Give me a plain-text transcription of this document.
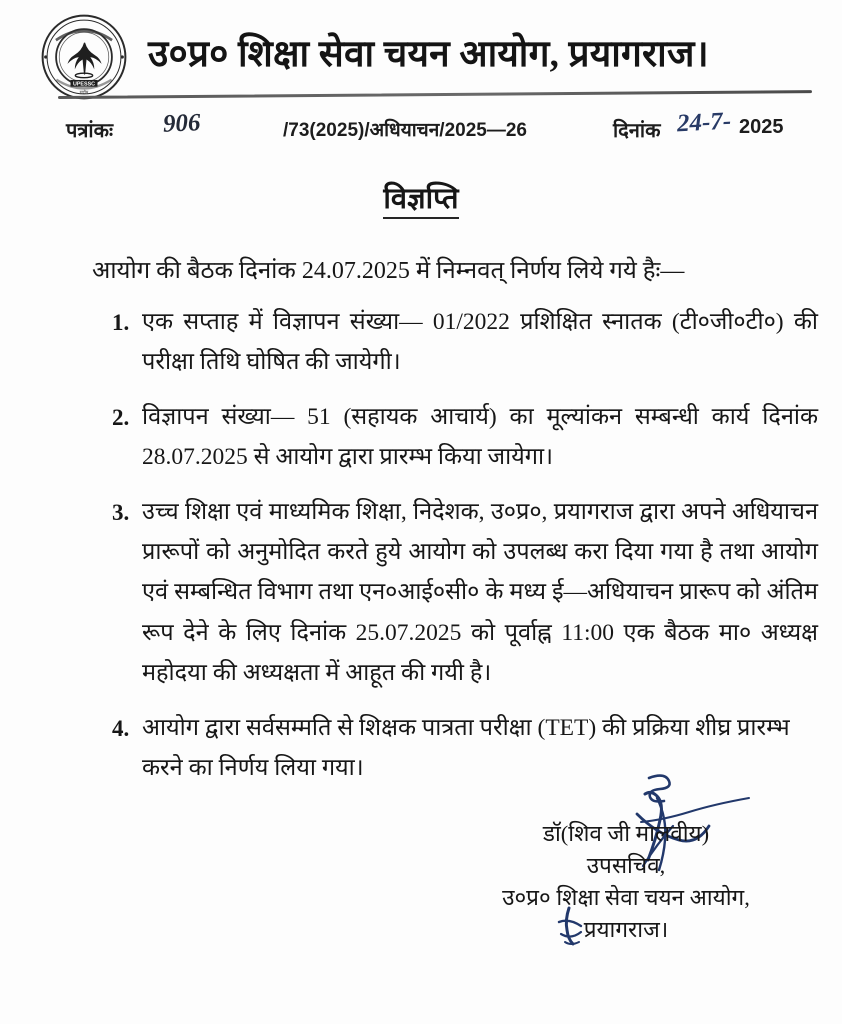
UPESSC
राष्ट्रीय
उ०प्र० शिक्षा सेवा चयन आयोग, प्रयागराज।
पत्रांकः 906	/73(2025)/अधियाचन/2025—26	दिनांक 24-7- 2025
विज्ञप्ति
आयोग की बैठक दिनांक 24.07.2025 में निम्नवत् निर्णय लिये गये हैः—
1. एक सप्ताह में विज्ञापन संख्या— 01/2022 प्रशिक्षित स्नातक (टी०जी०टी०) की परीक्षा तिथि घोषित की जायेगी।
2. विज्ञापन संख्या— 51 (सहायक आचार्य) का मूल्यांकन सम्बन्धी कार्य दिनांक 28.07.2025 से आयोग द्वारा प्रारम्भ किया जायेगा।
3. उच्च शिक्षा एवं माध्यमिक शिक्षा, निदेशक, उ०प्र०, प्रयागराज द्वारा अपने अधियाचन प्रारूपों को अनुमोदित करते हुये आयोग को उपलब्ध करा दिया गया है तथा आयोग एवं सम्बन्धित विभाग तथा एन०आई०सी० के मध्य ई—अधियाचन प्रारूप को अंतिम रूप देने के लिए दिनांक 25.07.2025 को पूर्वाह्न 11:00 एक बैठक मा० अध्यक्ष महोदया की अध्यक्षता में आहूत की गयी है।
4. आयोग द्वारा सर्वसम्मति से शिक्षक पात्रता परीक्षा (TET) की प्रक्रिया शीघ्र प्रारम्भ करने का निर्णय लिया गया।
डॉ(शिव जी मालवीय)
उपसचिव,
उ०प्र० शिक्षा सेवा चयन आयोग,
प्रयागराज।
